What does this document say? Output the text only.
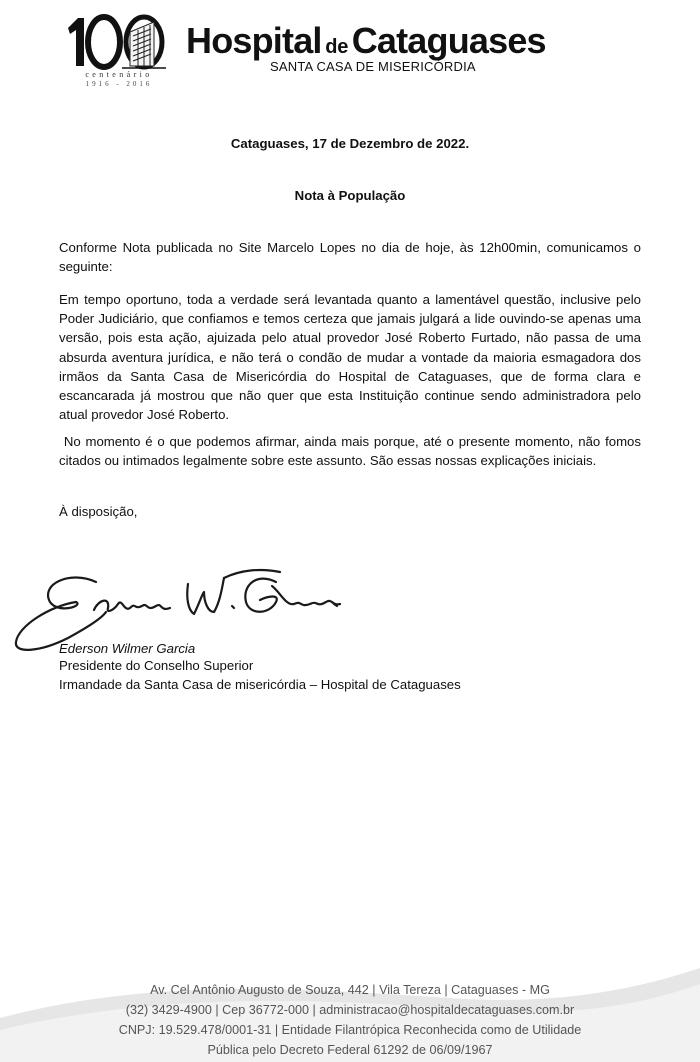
centenário
1916 - 2016
Hospital de Cataguases
SANTA CASA DE MISERICÓRDIA
Cataguases, 17 de Dezembro de 2022.
Nota à População

Conforme Nota publicada no Site Marcelo Lopes no dia de hoje, às 12h00min, comunicamos o seguinte:

Em tempo oportuno, toda a verdade será levantada quanto a lamentável questão, inclusive pelo Poder Judiciário, que confiamos e temos certeza que jamais julgará a lide ouvindo-se apenas uma versão, pois esta ação, ajuizada pelo atual provedor José Roberto Furtado, não passa de uma absurda aventura jurídica, e não terá o condão de mudar a vontade da maioria esmagadora dos irmãos da Santa Casa de Misericórdia do Hospital de Cataguases, que de forma clara e escancarada já mostrou que não quer que esta Instituição continue sendo administradora pelo atual provedor José Roberto.

No momento é o que podemos afirmar, ainda mais porque, até o presente momento, não fomos citados ou intimados legalmente sobre este assunto. São essas nossas explicações iniciais.

À disposição,
Ederson Wilmer Garcia
Presidente do Conselho Superior
Irmandade da Santa Casa de misericórdia – Hospital de Cataguases
Av. Cel Antônio Augusto de Souza, 442 | Vila Tereza | Cataguases - MG
(32) 3429-4900 | Cep 36772-000 | administracao@hospitaldecataguases.com.br
CNPJ: 19.529.478/0001-31 | Entidade Filantrópica Reconhecida como de Utilidade
Pública pelo Decreto Federal 61292 de 06/09/1967
